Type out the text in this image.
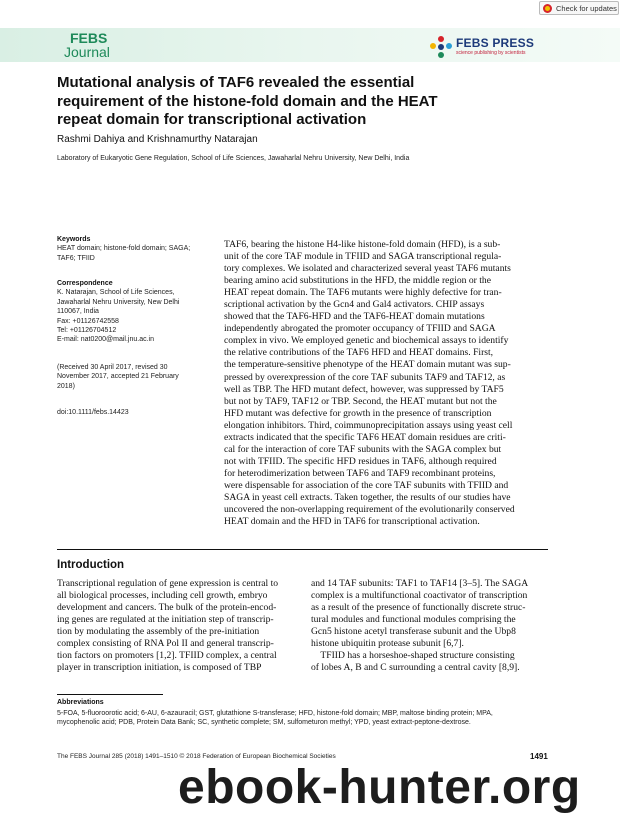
Check for updates
FEBS
Journal
FEBS PRESS
science publishing by scientists
Mutational analysis of TAF6 revealed the essential
requirement of the histone-fold domain and the HEAT
repeat domain for transcriptional activation
Rashmi Dahiya and Krishnamurthy Natarajan
Laboratory of Eukaryotic Gene Regulation, School of Life Sciences, Jawaharlal Nehru University, New Delhi, India
Keywords
HEAT domain; histone-fold domain; SAGA;
TAF6; TFIID
Correspondence
K. Natarajan, School of Life Sciences,
Jawaharlal Nehru University, New Delhi
110067, India
Fax: +01126742558
Tel: +01126704512
E-mail: nat0200@mail.jnu.ac.in
(Received 30 April 2017, revised 30
November 2017, accepted 21 February
2018)
doi:10.1111/febs.14423
TAF6, bearing the histone H4-like histone-fold domain (HFD), is a sub-
unit of the core TAF module in TFIID and SAGA transcriptional regula-
tory complexes. We isolated and characterized several yeast TAF6 mutants
bearing amino acid substitutions in the HFD, the middle region or the
HEAT repeat domain. The TAF6 mutants were highly defective for tran-
scriptional activation by the Gcn4 and Gal4 activators. CHIP assays
showed that the TAF6-HFD and the TAF6-HEAT domain mutations
independently abrogated the promoter occupancy of TFIID and SAGA
complex in vivo. We employed genetic and biochemical assays to identify
the relative contributions of the TAF6 HFD and HEAT domains. First,
the temperature-sensitive phenotype of the HEAT domain mutant was sup-
pressed by overexpression of the core TAF subunits TAF9 and TAF12, as
well as TBP. The HFD mutant defect, however, was suppressed by TAF5
but not by TAF9, TAF12 or TBP. Second, the HEAT mutant but not the
HFD mutant was defective for growth in the presence of transcription
elongation inhibitors. Third, coimmunoprecipitation assays using yeast cell
extracts indicated that the specific TAF6 HEAT domain residues are criti-
cal for the interaction of core TAF subunits with the SAGA complex but
not with TFIID. The specific HFD residues in TAF6, although required
for heterodimerization between TAF6 and TAF9 recombinant proteins,
were dispensable for association of the core TAF subunits with TFIID and
SAGA in yeast cell extracts. Taken together, the results of our studies have
uncovered the non-overlapping requirement of the evolutionarily conserved
HEAT domain and the HFD in TAF6 for transcriptional activation.
Introduction
Transcriptional regulation of gene expression is central to
all biological processes, including cell growth, embryo
development and cancers. The bulk of the protein-encod-
ing genes are regulated at the initiation step of transcrip-
tion by modulating the assembly of the pre-initiation
complex consisting of RNA Pol II and general transcrip-
tion factors on promoters [1,2]. TFIID complex, a central
player in transcription initiation, is composed of TBP
and 14 TAF subunits: TAF1 to TAF14 [3–5]. The SAGA
complex is a multifunctional coactivator of transcription
as a result of the presence of functionally discrete struc-
tural modules and functional modules comprising the
Gcn5 histone acetyl transferase subunit and the Ubp8
histone ubiquitin protease subunit [6,7].
TFIID has a horseshoe-shaped structure consisting
of lobes A, B and C surrounding a central cavity [8,9].
Abbreviations
5-FOA, 5-fluoroorotic acid; 6-AU, 6-azauracil; GST, glutathione S-transferase; HFD, histone-fold domain; MBP, maltose binding protein; MPA,
mycophenolic acid; PDB, Protein Data Bank; SC, synthetic complete; SM, sulfometuron methyl; YPD, yeast extract-peptone-dextrose.
The FEBS Journal 285 (2018) 1491–1510 © 2018 Federation of European Biochemical Societies	1491
ebook-hunter.org
